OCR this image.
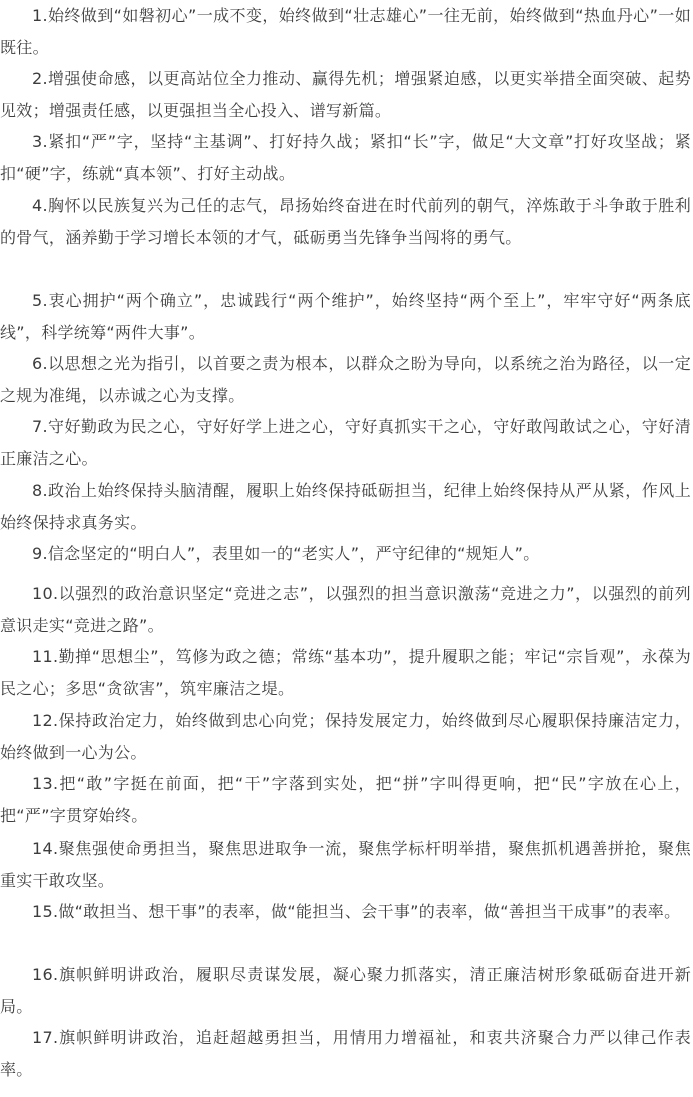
1.始终做到“如磐初心”一成不变，始终做到“壮志雄心”一往无前，始终做到“热血丹心”一如既往。

2.增强使命感，以更高站位全力推动、赢得先机；增强紧迫感，以更实举措全面突破、起势见效；增强责任感，以更强担当全心投入、谱写新篇。

3.紧扣“严”字，坚持“主基调”、打好持久战；紧扣“长”字，做足“大文章”打好攻坚战；紧扣“硬”字，练就“真本领”、打好主动战。

4.胸怀以民族复兴为己任的志气，昂扬始终奋进在时代前列的朝气，淬炼敢于斗争敢于胜利的骨气，涵养勤于学习增长本领的才气，砥砺勇当先锋争当闯将的勇气。

5.衷心拥护“两个确立”，忠诚践行“两个维护”，始终坚持“两个至上”，牢牢守好“两条底线”，科学统筹“两件大事”。

6.以思想之光为指引，以首要之责为根本，以群众之盼为导向，以系统之治为路径，以一定之规为准绳，以赤诚之心为支撑。

7.守好勤政为民之心，守好好学上进之心，守好真抓实干之心，守好敢闯敢试之心，守好清正廉洁之心。

8.政治上始终保持头脑清醒，履职上始终保持砥砺担当，纪律上始终保持从严从紧，作风上始终保持求真务实。

9.信念坚定的“明白人”，表里如一的“老实人”，严守纪律的“规矩人”。

10.以强烈的政治意识坚定“竞进之志”，以强烈的担当意识激荡“竞进之力”，以强烈的前列意识走实“竞进之路”。

11.勤掸“思想尘”，笃修为政之德；常练“基本功”，提升履职之能；牢记“宗旨观”，永葆为民之心；多思“贪欲害”，筑牢廉洁之堤。

12.保持政治定力，始终做到忠心向党；保持发展定力，始终做到尽心履职保持廉洁定力，始终做到一心为公。

13.把“敢”字挺在前面，把“干”字落到实处，把“拼”字叫得更响，把“民”字放在心上，把“严”字贯穿始终。

14.聚焦强使命勇担当，聚焦思进取争一流，聚焦学标杆明举措，聚焦抓机遇善拼抢，聚焦重实干敢攻坚。

15.做“敢担当、想干事”的表率，做“能担当、会干事”的表率，做“善担当干成事”的表率。

16.旗帜鲜明讲政治，履职尽责谋发展，凝心聚力抓落实，清正廉洁树形象砥砺奋进开新局。

17.旗帜鲜明讲政治，追赶超越勇担当，用情用力增福祉，和衷共济聚合力严以律己作表率。
